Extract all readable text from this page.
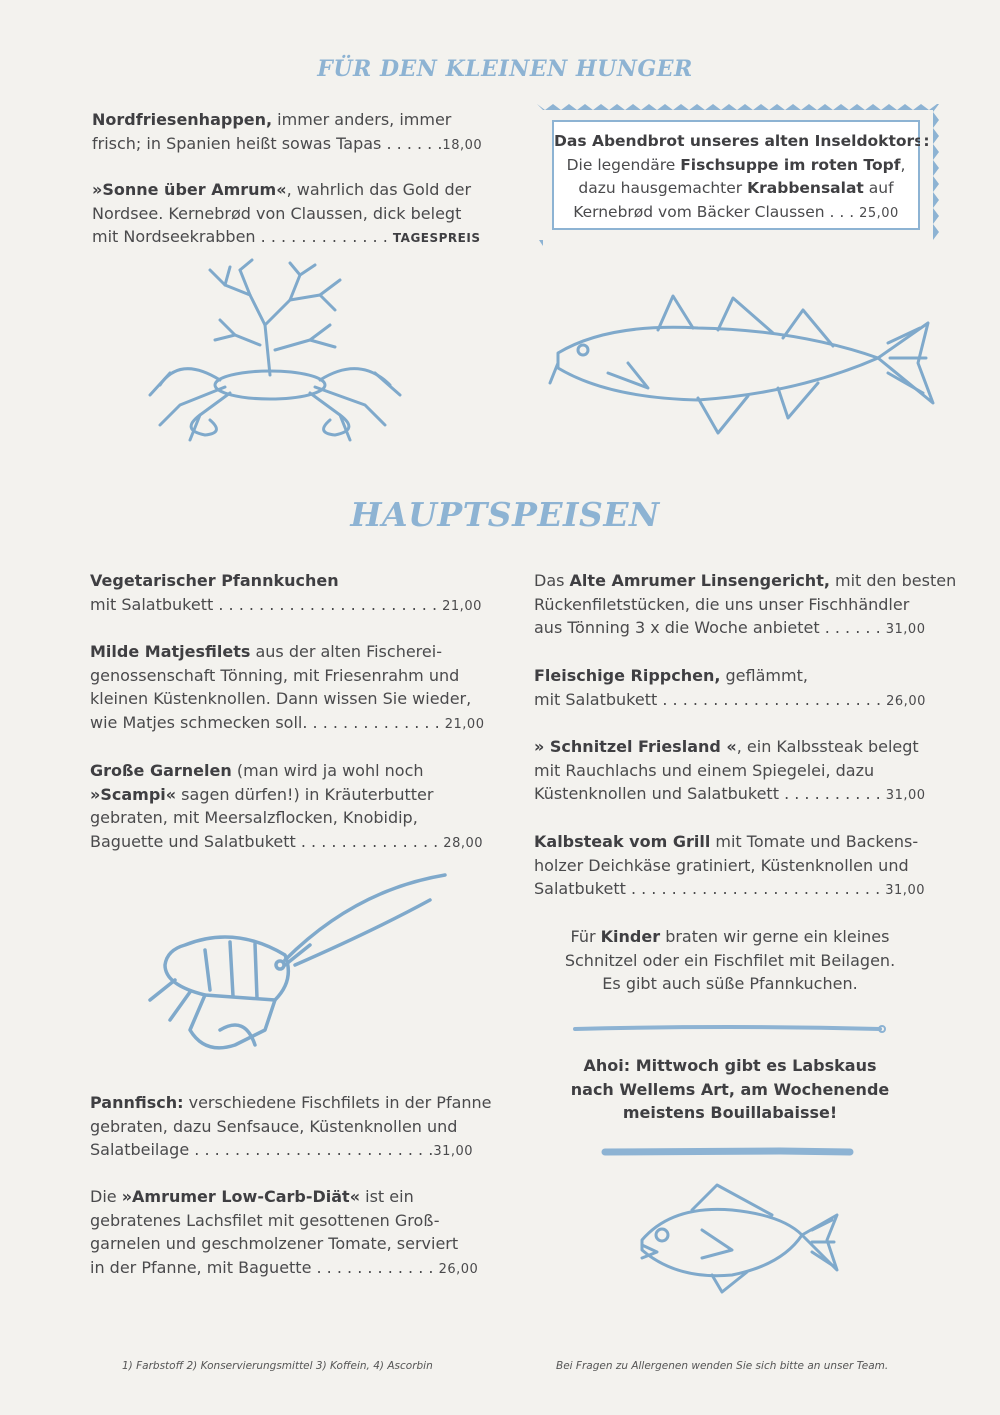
FÜR DEN KLEINEN HUNGER

Nordfriesenhappen, immer anders, immer

frisch; in Spanien heißt sowas Tapas . . . . . .18,00

»Sonne über Amrum«, wahrlich das Gold der

Nordsee. Kernebrød von Claussen, dick belegt

mit Nordseekrabben . . . . . . . . . . . . . TAGESPREIS

Das Abendbrot unseres alten Inseldoktors:

Die legendäre Fischsuppe im roten Topf,

dazu hausgemachter Krabbensalat auf

Kernebrød vom Bäcker Claussen . . . 25,00

HAUPTSPEISEN

Vegetarischer Pfannkuchen

mit Salatbukett . . . . . . . . . . . . . . . . . . . . . . 21,00

Milde Matjesfilets aus der alten Fischerei-

genossenschaft Tönning, mit Friesenrahm und

kleinen Küstenknollen. Dann wissen Sie wieder,

wie Matjes schmecken soll. . . . . . . . . . . . . . 21,00

Große Garnelen (man wird ja wohl noch

»Scampi« sagen dürfen!) in Kräuterbutter

gebraten, mit Meersalzflocken, Knobidip,

Baguette und Salatbukett . . . . . . . . . . . . . . 28,00

Pannfisch: verschiedene Fischfilets in der Pfanne

gebraten, dazu Senfsauce, Küstenknollen und

Salatbeilage . . . . . . . . . . . . . . . . . . . . . . . .31,00

Die »Amrumer Low-Carb-Diät« ist ein

gebratenes Lachsfilet mit gesottenen Groß-

garnelen und geschmolzener Tomate, serviert

in der Pfanne, mit Baguette . . . . . . . . . . . . 26,00

Das Alte Amrumer Linsengericht, mit den besten

Rückenfiletstücken, die uns unser Fischhändler

aus Tönning 3 x die Woche anbietet . . . . . . 31,00

Fleischige Rippchen, geflämmt,

mit Salatbukett . . . . . . . . . . . . . . . . . . . . . . 26,00

» Schnitzel Friesland «, ein Kalbssteak belegt

mit Rauchlachs und einem Spiegelei, dazu

Küstenknollen und Salatbukett . . . . . . . . . . 31,00

Kalbsteak vom Grill mit Tomate und Backens-

holzer Deichkäse gratiniert, Küstenknollen und

Salatbukett . . . . . . . . . . . . . . . . . . . . . . . . . 31,00

Für Kinder braten wir gerne ein kleines

Schnitzel oder ein Fischfilet mit Beilagen.

Es gibt auch süße Pfannkuchen.

Ahoi: Mittwoch gibt es Labskaus

nach Wellems Art, am Wochenende

meistens Bouillabaisse!

1) Farbstoff 2) Konservierungsmittel 3) Koffein, 4) Ascorbin	Bei Fragen zu Allergenen wenden Sie sich bitte an unser Team.
